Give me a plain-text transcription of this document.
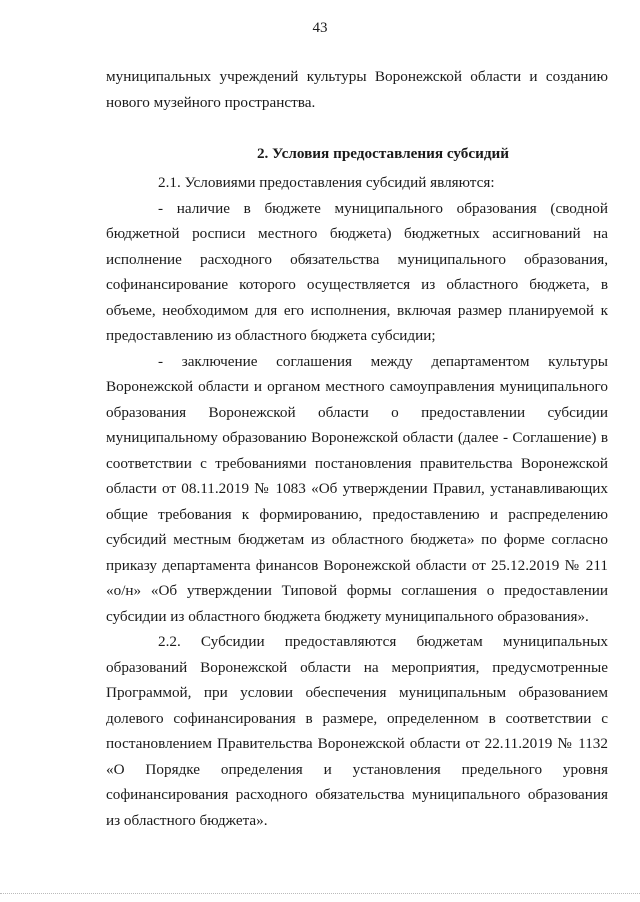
43

муниципальных учреждений культуры Воронежской области и созданию нового музейного пространства.

2. Условия предоставления субсидий

2.1. Условиями предоставления субсидий являются:

- наличие в бюджете муниципального образования (сводной бюджетной росписи местного бюджета) бюджетных ассигнований на исполнение расходного обязательства муниципального образования, софинансирование которого осуществляется из областного бюджета, в объеме, необходимом для его исполнения, включая размер планируемой к предоставлению из областного бюджета субсидии;

- заключение соглашения между департаментом культуры Воронежской области и органом местного самоуправления муниципального образования Воронежской области о предоставлении субсидии муниципальному образованию Воронежской области (далее - Соглашение) в соответствии с требованиями постановления правительства Воронежской области от 08.11.2019 № 1083 «Об утверждении Правил, устанавливающих общие требования к формированию, предоставлению и распределению субсидий местным бюджетам из областного бюджета» по форме согласно приказу департамента финансов Воронежской области от 25.12.2019 № 211 «о/н» «Об утверждении Типовой формы соглашения о предоставлении субсидии из областного бюджета бюджету муниципального образования».

2.2. Субсидии предоставляются бюджетам муниципальных образований Воронежской области на мероприятия, предусмотренные Программой, при условии обеспечения муниципальным образованием долевого софинансирования в размере, определенном в соответствии с постановлением Правительства Воронежской области от 22.11.2019 № 1132 «О Порядке определения и установления предельного уровня софинансирования расходного обязательства муниципального образования из областного бюджета».
